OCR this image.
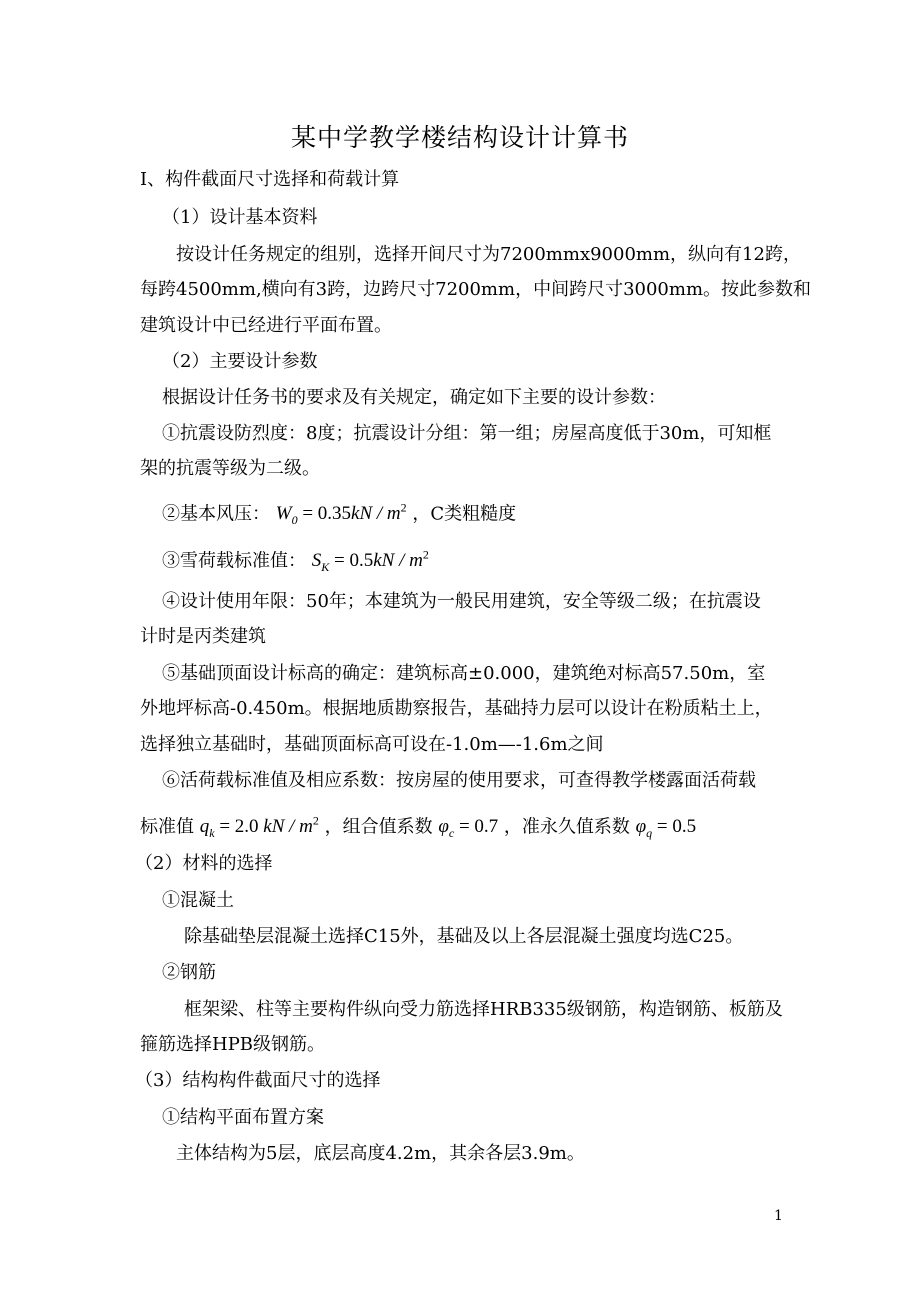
某中学教学楼结构设计计算书
Ⅰ、构件截面尺寸选择和荷载计算
（1）设计基本资料
按设计任务规定的组别，选择开间尺寸为7200mmx9000mm，纵向有12跨，
每跨4500mm,横向有3跨，边跨尺寸7200mm，中间跨尺寸3000mm。按此参数和
建筑设计中已经进行平面布置。
（2）主要设计参数
根据设计任务书的要求及有关规定，确定如下主要的设计参数：
①抗震设防烈度：8度；抗震设计分组：第一组；房屋高度低于30m，可知框
架的抗震等级为二级。
②基本风压： $W_0 = 0.35kN / m^2$ ，C类粗糙度
③雪荷载标准值： $S_K = 0.5kN / m^2$
④设计使用年限：50年；本建筑为一般民用建筑，安全等级二级；在抗震设
计时是丙类建筑
⑤基础顶面设计标高的确定：建筑标高±0.000，建筑绝对标高57.50m，室
外地坪标高-0.450m。根据地质勘察报告，基础持力层可以设计在粉质粘土上，
选择独立基础时，基础顶面标高可设在-1.0m—-1.6m之间
⑥活荷载标准值及相应系数：按房屋的使用要求，可查得教学楼露面活荷载
标准值 $q_k = 2.0$ kN / $m^2$ ，组合值系数 $\varphi_c = 0.7$ ，准永久值系数 $\varphi_q = 0.5$
（2）材料的选择
①混凝土
除基础垫层混凝土选择C15外，基础及以上各层混凝土强度均选C25。
②钢筋
框架梁、柱等主要构件纵向受力筋选择HRB335级钢筋，构造钢筋、板筋及
箍筋选择HPB级钢筋。
（3）结构构件截面尺寸的选择
①结构平面布置方案
主体结构为5层，底层高度4.2m，其余各层3.9m。
1
